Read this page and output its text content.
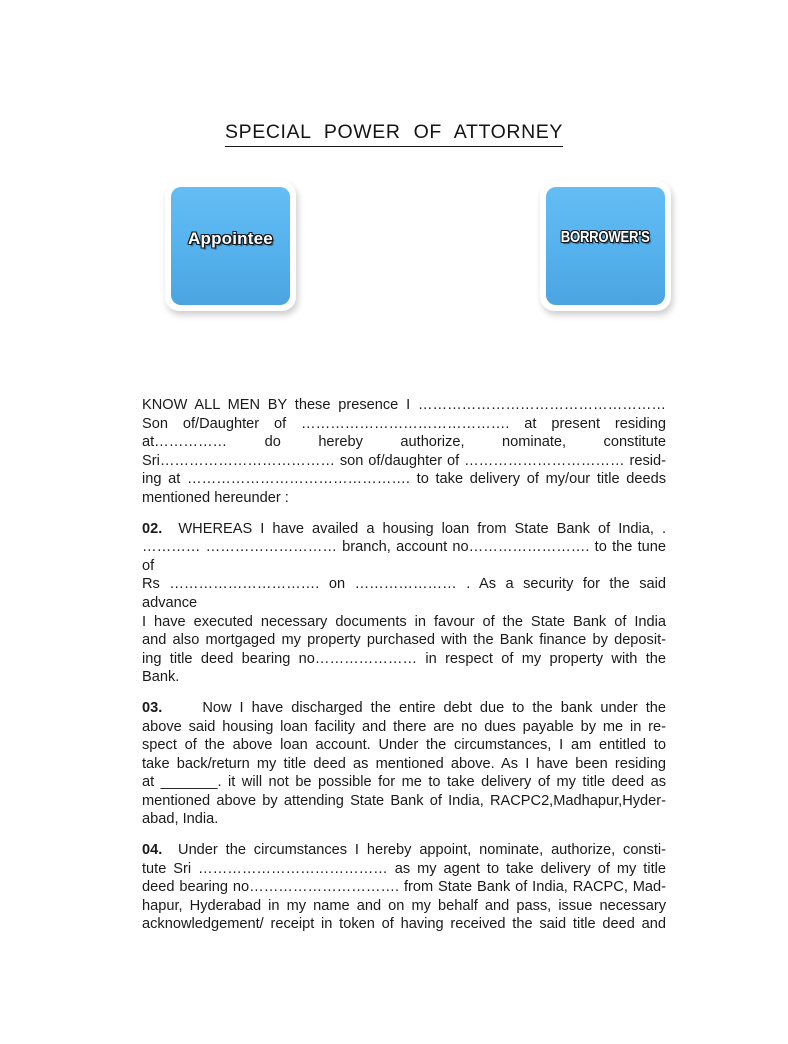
SPECIAL POWER OF ATTORNEY
Appointee	BORROWER'S

KNOW ALL MEN BY these presence I ……………………………………………
Son of/Daughter of ……………………………………. at present residing
at…………… do hereby authorize, nominate, constitute
Sri……………………………… son of/daughter of …………………………… resid-
ing at ………………………………………. to take delivery of my/our title deeds
mentioned hereunder :

02. WHEREAS I have availed a housing loan from State Bank of India, .
………… ……………………… branch, account no……………………. to the tune of
Rs …………………………. on ………………… . As a security for the said advance
I have executed necessary documents in favour of the State Bank of India
and also mortgaged my property purchased with the Bank finance by deposit-
ing title deed bearing no………………… in respect of my property with the
Bank.

03.	Now I have discharged the entire debt due to the bank under the
above said housing loan facility and there are no dues payable by me in re-
spect of the above loan account. Under the circumstances, I am entitled to
take back/return my title deed as mentioned above. As I have been residing
at _______. it will not be possible for me to take delivery of my title deed as
mentioned above by attending State Bank of India, RACPC2,Madhapur,Hyder-
abad, India.

04. Under the circumstances I hereby appoint, nominate, authorize, consti-
tute Sri ………………………………… as my agent to take delivery of my title
deed bearing no…………………………. from State Bank of India, RACPC, Mad-
hapur, Hyderabad in my name and on my behalf and pass, issue necessary
acknowledgement/ receipt in token of having received the said title deed and
